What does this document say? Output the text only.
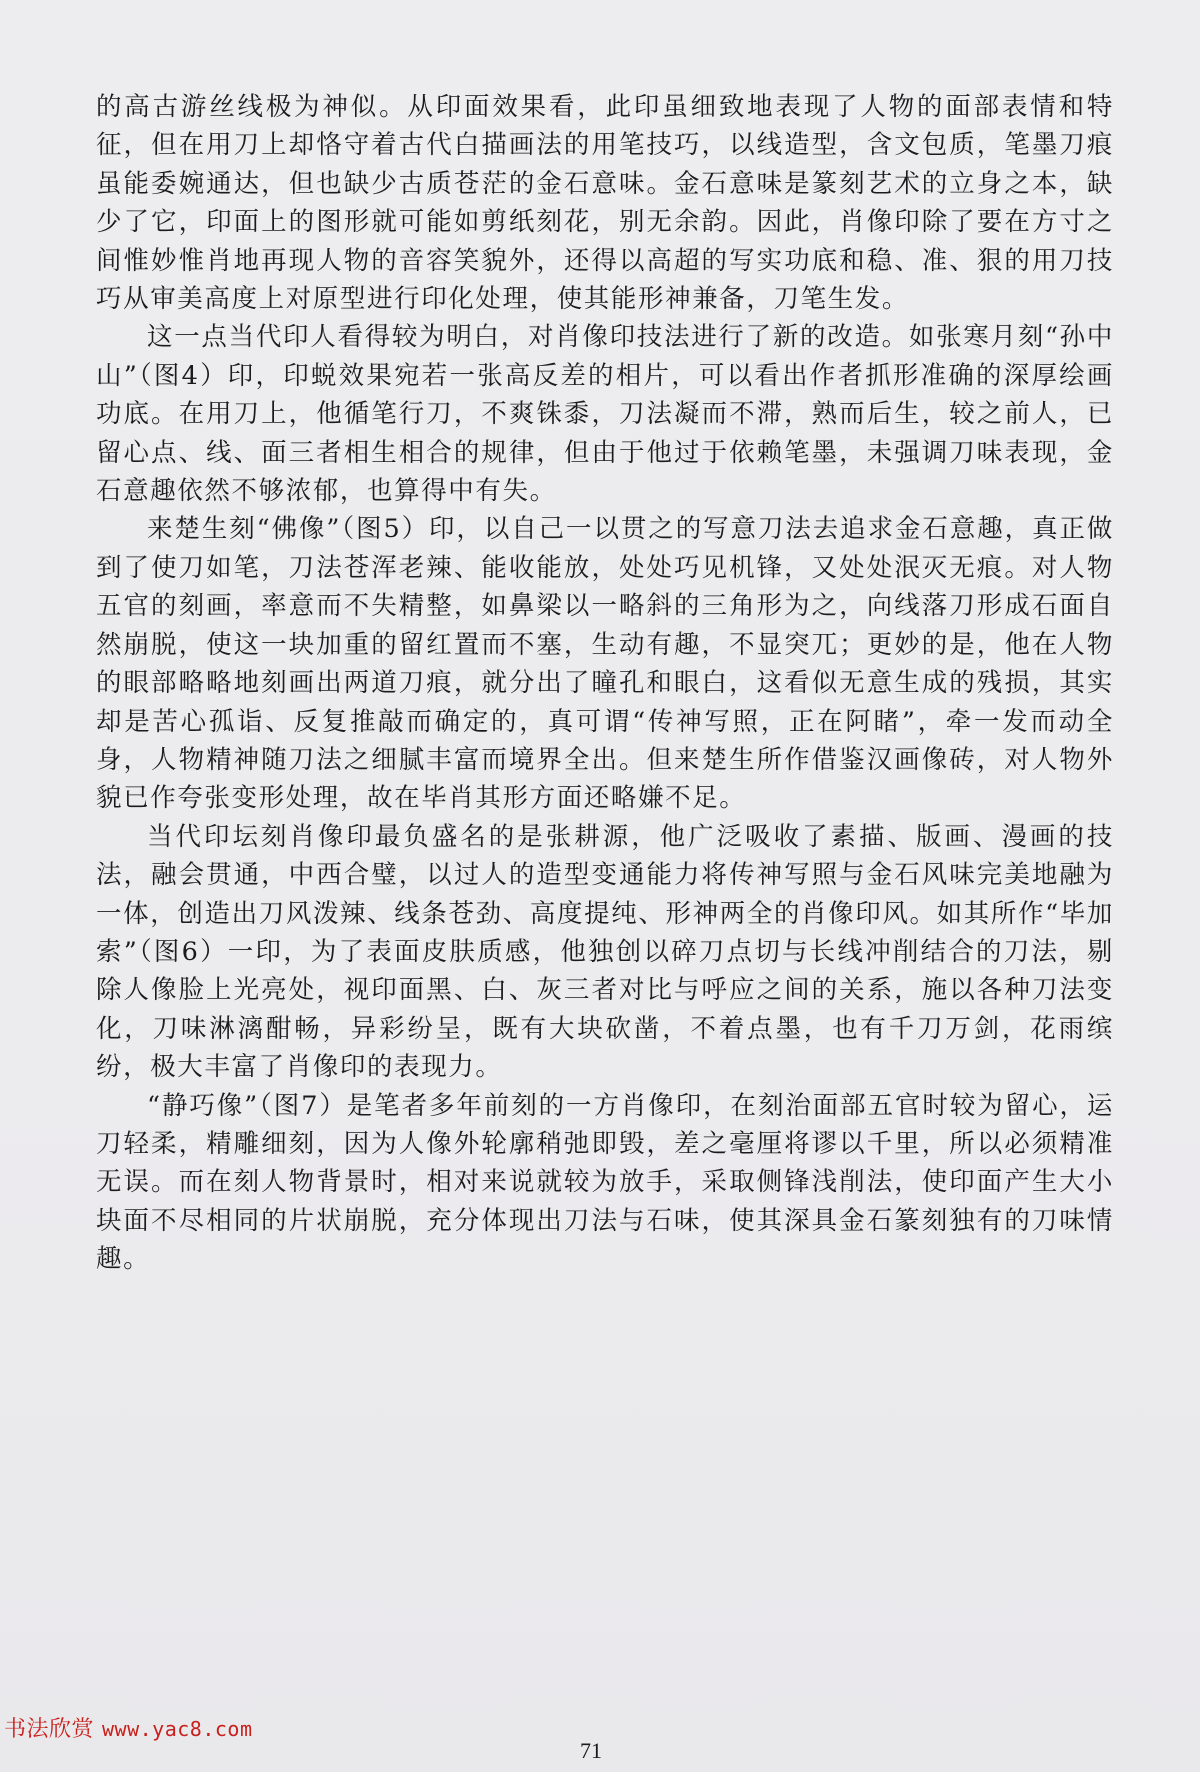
的高古游丝线极为神似。从印面效果看，此印虽细致地表现了人物的面部表情和特征，但在用刀上却恪守着古代白描画法的用笔技巧，以线造型，含文包质，笔墨刀痕虽能委婉通达，但也缺少古质苍茫的金石意味。金石意味是篆刻艺术的立身之本，缺少了它，印面上的图形就可能如剪纸刻花，别无余韵。因此，肖像印除了要在方寸之间惟妙惟肖地再现人物的音容笑貌外，还得以高超的写实功底和稳、准、狠的用刀技巧从审美高度上对原型进行印化处理，使其能形神兼备，刀笔生发。

这一点当代印人看得较为明白，对肖像印技法进行了新的改造。如张寒月刻“孙中山”（图4）印，印蜕效果宛若一张高反差的相片，可以看出作者抓形准确的深厚绘画功底。在用刀上，他循笔行刀，不爽铢黍，刀法凝而不滞，熟而后生，较之前人，已留心点、线、面三者相生相合的规律，但由于他过于依赖笔墨，未强调刀味表现，金石意趣依然不够浓郁，也算得中有失。

来楚生刻“佛像”（图5）印，以自己一以贯之的写意刀法去追求金石意趣，真正做到了使刀如笔，刀法苍浑老辣、能收能放，处处巧见机锋，又处处泯灭无痕。对人物五官的刻画，率意而不失精整，如鼻梁以一略斜的三角形为之，向线落刀形成石面自然崩脱，使这一块加重的留红置而不塞，生动有趣，不显突兀；更妙的是，他在人物的眼部略略地刻画出两道刀痕，就分出了瞳孔和眼白，这看似无意生成的残损，其实却是苦心孤诣、反复推敲而确定的，真可谓“传神写照，正在阿睹”，牵一发而动全身，人物精神随刀法之细腻丰富而境界全出。但来楚生所作借鉴汉画像砖，对人物外貌已作夸张变形处理，故在毕肖其形方面还略嫌不足。

当代印坛刻肖像印最负盛名的是张耕源，他广泛吸收了素描、版画、漫画的技法，融会贯通，中西合璧，以过人的造型变通能力将传神写照与金石风味完美地融为一体，创造出刀风泼辣、线条苍劲、高度提纯、形神两全的肖像印风。如其所作“毕加索”（图6）一印，为了表面皮肤质感，他独创以碎刀点切与长线冲削结合的刀法，剔除人像脸上光亮处，视印面黑、白、灰三者对比与呼应之间的关系，施以各种刀法变化，刀味淋漓酣畅，异彩纷呈，既有大块砍凿，不着点墨，也有千刀万剑，花雨缤纷，极大丰富了肖像印的表现力。

“静巧像”（图7）是笔者多年前刻的一方肖像印，在刻治面部五官时较为留心，运刀轻柔，精雕细刻，因为人像外轮廓稍弛即毁，差之毫厘将谬以千里，所以必须精准无误。而在刻人物背景时，相对来说就较为放手，采取侧锋浅削法，使印面产生大小块面不尽相同的片状崩脱，充分体现出刀法与石味，使其深具金石篆刻独有的刀味情趣。

书法欣赏 www.yac8.com
71
